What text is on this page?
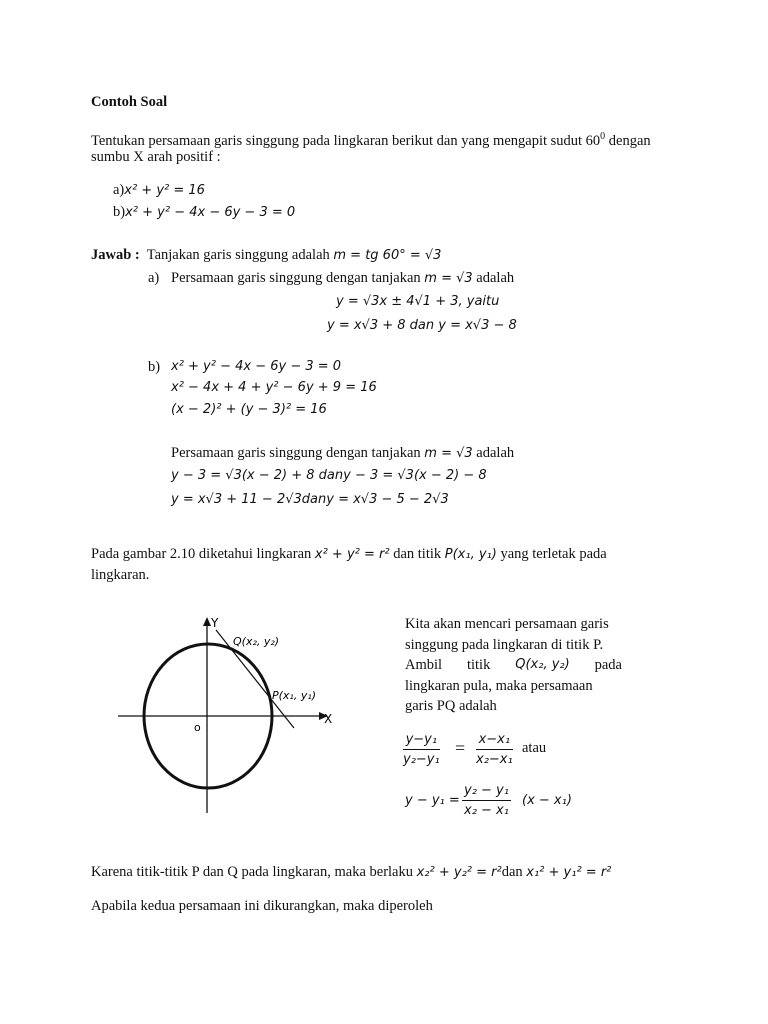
Contoh Soal
Tentukan persamaan garis singgung pada lingkaran berikut dan yang mengapit sudut $60^0$ dengan
sumbu X arah positif :
a)x² + y² = 16
b)x² + y² − 4x − 6y − 3 = 0
Jawab : Tanjakan garis singgung adalah m = tg 60° = √3
a) Persamaan garis singgung dengan tanjakan m = √3 adalah
y = √3x ± 4√1 + 3, yaitu
y = x√3 + 8 dan y = x√3 − 8
b) x² + y² − 4x − 6y − 3 = 0
x² − 4x + 4 + y² − 6y + 9 = 16
(x − 2)² + (y − 3)² = 16
Persamaan garis singgung dengan tanjakan m = √3 adalah
y − 3 = √3(x − 2) + 8 dany − 3 = √3(x − 2) − 8
y = x√3 + 11 − 2√3dany = x√3 − 5 − 2√3
Pada gambar 2.10 diketahui lingkaran x² + y² = r² dan titik P(x₁, y₁) yang terletak pada
lingkaran.
Y
X
o
Q(x₂, y₂)
P(x₁, y₁)
Kita akan mencari persamaan garis
singgung pada lingkaran di titik P.
Ambil titik Q(x₂, y₂) pada
lingkaran pula, maka persamaan
garis PQ adalah
$\frac{\text{y−y₁}}{\text{y₂−y₁}} = \frac{\text{x−x₁}}{\text{x₂−x₁}}$ atau
$y - y_1 = \frac{\text{y₂ − y₁}}{\text{x₂ − x₁}} (x - x_1)$
Karena titik-titik P dan Q pada lingkaran, maka berlaku x₂² + y₂² = r²dan x₁² + y₁² = r²
Apabila kedua persamaan ini dikurangkan, maka diperoleh
